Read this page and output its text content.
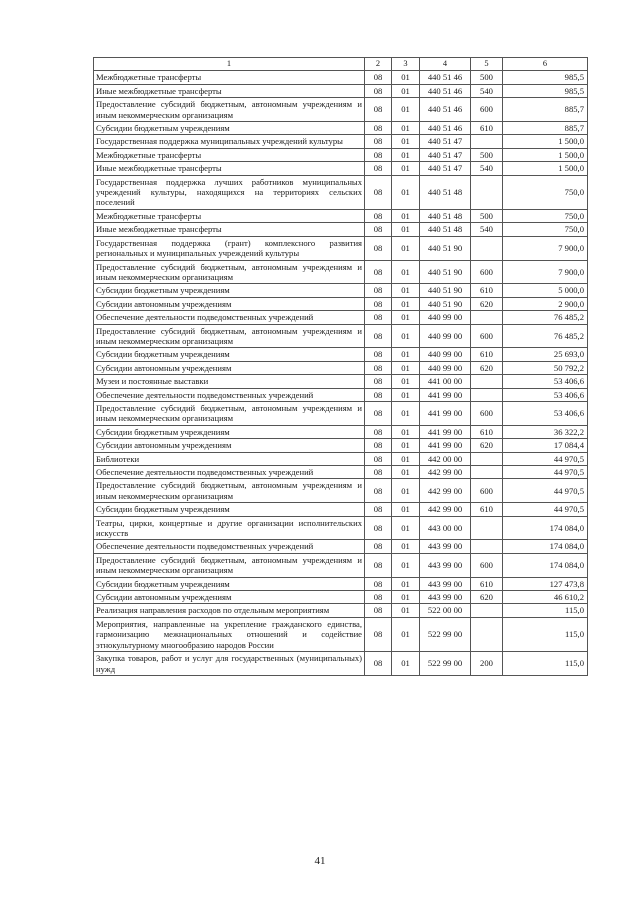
1	2	3	4	5	6
Межбюджетные трансферты	08	01	440 51 46	500	985,5
Иные межбюджетные трансферты	08	01	440 51 46	540	985,5
Предоставление субсидий бюджетным, автономным учреждениям и иным некоммерческим организациям	08	01	440 51 46	600	885,7
Субсидии бюджетным учреждениям	08	01	440 51 46	610	885,7
Государственная поддержка муниципальных учреждений культуры	08	01	440 51 47		1 500,0
Межбюджетные трансферты	08	01	440 51 47	500	1 500,0
Иные межбюджетные трансферты	08	01	440 51 47	540	1 500,0
Государственная поддержка лучших работников муниципальных учреждений культуры, находящихся на территориях сельских поселений	08	01	440 51 48		750,0
Межбюджетные трансферты	08	01	440 51 48	500	750,0
Иные межбюджетные трансферты	08	01	440 51 48	540	750,0
Государственная поддержка (грант) комплексного развития региональных и муниципальных учреждений культуры	08	01	440 51 90		7 900,0
Предоставление субсидий бюджетным, автономным учреждениям и иным некоммерческим организациям	08	01	440 51 90	600	7 900,0
Субсидии бюджетным учреждениям	08	01	440 51 90	610	5 000,0
Субсидии автономным учреждениям	08	01	440 51 90	620	2 900,0
Обеспечение деятельности подведомственных учреждений	08	01	440 99 00		76 485,2
Предоставление субсидий бюджетным, автономным учреждениям и иным некоммерческим организациям	08	01	440 99 00	600	76 485,2
Субсидии бюджетным учреждениям	08	01	440 99 00	610	25 693,0
Субсидии автономным учреждениям	08	01	440 99 00	620	50 792,2
Музеи и постоянные выставки	08	01	441 00 00		53 406,6
Обеспечение деятельности подведомственных учреждений	08	01	441 99 00		53 406,6
Предоставление субсидий бюджетным, автономным учреждениям и иным некоммерческим организациям	08	01	441 99 00	600	53 406,6
Субсидии бюджетным учреждениям	08	01	441 99 00	610	36 322,2
Субсидии автономным учреждениям	08	01	441 99 00	620	17 084,4
Библиотеки	08	01	442 00 00		44 970,5
Обеспечение деятельности подведомственных учреждений	08	01	442 99 00		44 970,5
Предоставление субсидий бюджетным, автономным учреждениям и иным некоммерческим организациям	08	01	442 99 00	600	44 970,5
Субсидии бюджетным учреждениям	08	01	442 99 00	610	44 970,5
Театры, цирки, концертные и другие организации исполнительских искусств	08	01	443 00 00		174 084,0
Обеспечение деятельности подведомственных учреждений	08	01	443 99 00		174 084,0
Предоставление субсидий бюджетным, автономным учреждениям и иным некоммерческим организациям	08	01	443 99 00	600	174 084,0
Субсидии бюджетным учреждениям	08	01	443 99 00	610	127 473,8
Субсидии автономным учреждениям	08	01	443 99 00	620	46 610,2
Реализация направления расходов по отдельным мероприятиям	08	01	522 00 00		115,0
Мероприятия, направленные на укрепление гражданского единства, гармонизацию межнациональных отношений и содействие этнокультурному многообразию народов России	08	01	522 99 00		115,0
Закупка товаров, работ и услуг для государственных (муниципальных) нужд	08	01	522 99 00	200	115,0
41
